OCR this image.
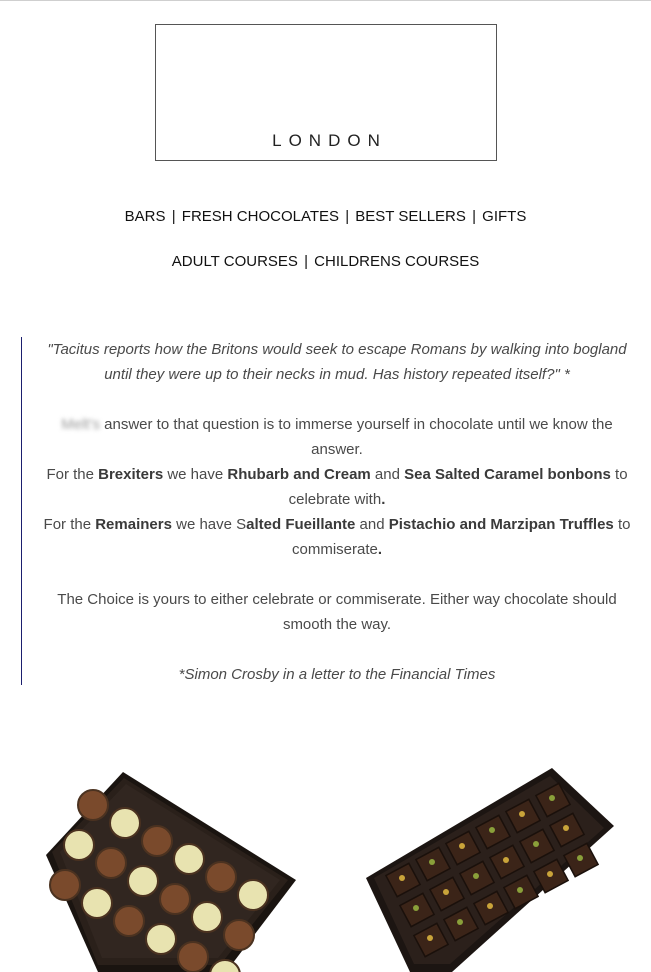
LONDON
BARS | FRESH CHOCOLATES | BEST SELLERS | GIFTS
ADULT COURSES | CHILDRENS COURSES
"Tacitus reports how the Britons would seek to escape Romans by walking into bogland
until they were up to their necks in mud. Has history repeated itself?" *
Melt's answer to that question is to immerse yourself in chocolate until we know the
answer.
For the Brexiters we have Rhubarb and Cream and Sea Salted Caramel bonbons to
celebrate with.
For the Remainers we have Salted Fueillante and Pistachio and Marzipan Truffles to
commiserate.
The Choice is yours to either celebrate or commiserate. Either way chocolate should
smooth the way.
*Simon Crosby in a letter to the Financial Times
